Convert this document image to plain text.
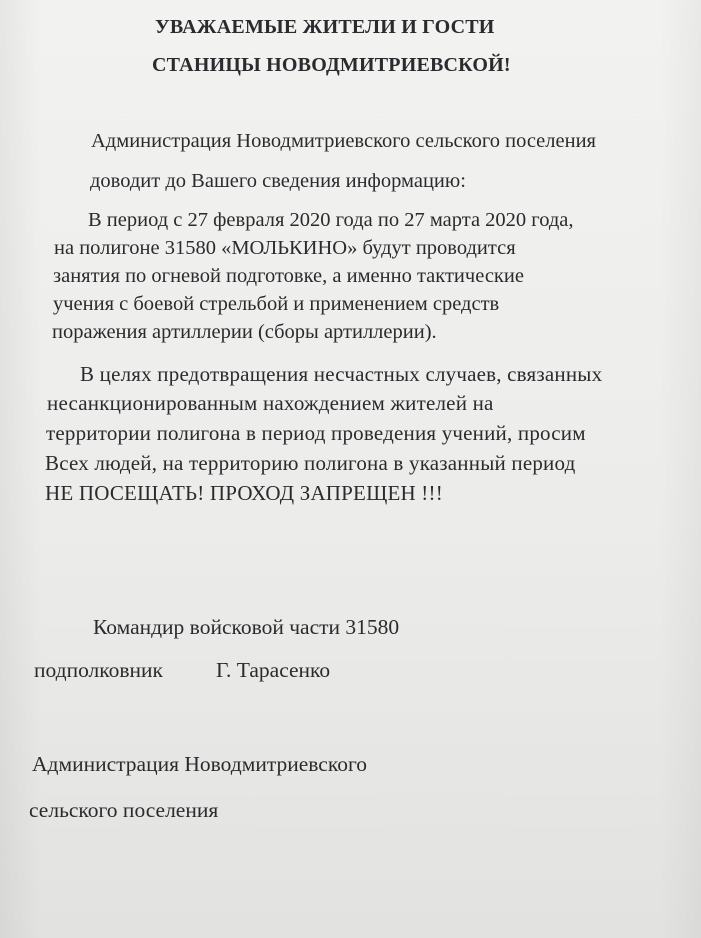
УВАЖАЕМЫЕ ЖИТЕЛИ И ГОСТИ

СТАНИЦЫ НОВОДМИТРИЕВСКОЙ!

Администрация Новодмитриевского сельского поселения

доводит до Вашего сведения информацию:

В период с 27 февраля 2020 года по 27 марта 2020 года,

на полигоне 31580 «МОЛЬКИНО» будут проводится

занятия по огневой подготовке, а именно тактические

учения с боевой стрельбой и применением средств

поражения артиллерии (сборы артиллерии).

В целях предотвращения несчастных случаев, связанных

несанкционированным нахождением жителей на

территории полигона в период проведения учений, просим

Всех людей, на территорию полигона в указанный период

НЕ ПОСЕЩАТЬ! ПРОХОД ЗАПРЕЩЕН !!!

Командир войсковой части 31580

подполковник Г. Тарасенко

Администрация Новодмитриевского

сельского поселения
